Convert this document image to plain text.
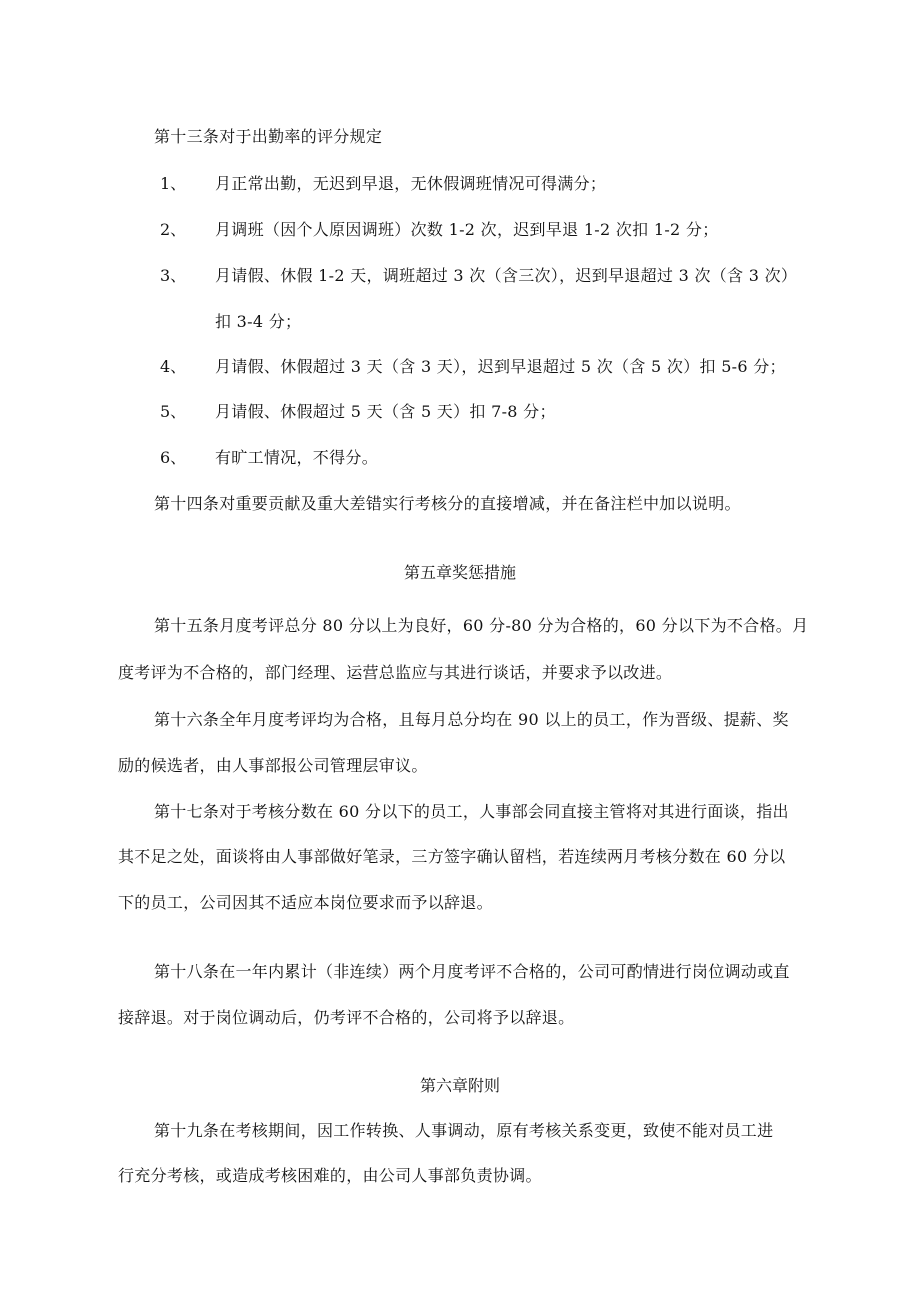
第十三条对于出勤率的评分规定
1、 月正常出勤，无迟到早退，无休假调班情况可得满分；
2、 月调班（因个人原因调班）次数 1-2 次，迟到早退 1-2 次扣 1-2 分；
3、 月请假、休假 1-2 天，调班超过 3 次（含三次），迟到早退超过 3 次（含 3 次）
扣 3-4 分；
4、 月请假、休假超过 3 天（含 3 天），迟到早退超过 5 次（含 5 次）扣 5-6 分；
5、 月请假、休假超过 5 天（含 5 天）扣 7-8 分；
6、 有旷工情况，不得分。
第十四条对重要贡献及重大差错实行考核分的直接增减，并在备注栏中加以说明。
第五章奖惩措施
第十五条月度考评总分 80 分以上为良好，60 分-80 分为合格的，60 分以下为不合格。月
度考评为不合格的，部门经理、运营总监应与其进行谈话，并要求予以改进。
第十六条全年月度考评均为合格，且每月总分均在 90 以上的员工，作为晋级、提薪、奖
励的候选者，由人事部报公司管理层审议。
第十七条对于考核分数在 60 分以下的员工，人事部会同直接主管将对其进行面谈，指出
其不足之处，面谈将由人事部做好笔录，三方签字确认留档，若连续两月考核分数在 60 分以
下的员工，公司因其不适应本岗位要求而予以辞退。
第十八条在一年内累计（非连续）两个月度考评不合格的，公司可酌情进行岗位调动或直
接辞退。对于岗位调动后，仍考评不合格的，公司将予以辞退。
第六章附则
第十九条在考核期间，因工作转换、人事调动，原有考核关系变更，致使不能对员工进
行充分考核，或造成考核困难的，由公司人事部负责协调。
